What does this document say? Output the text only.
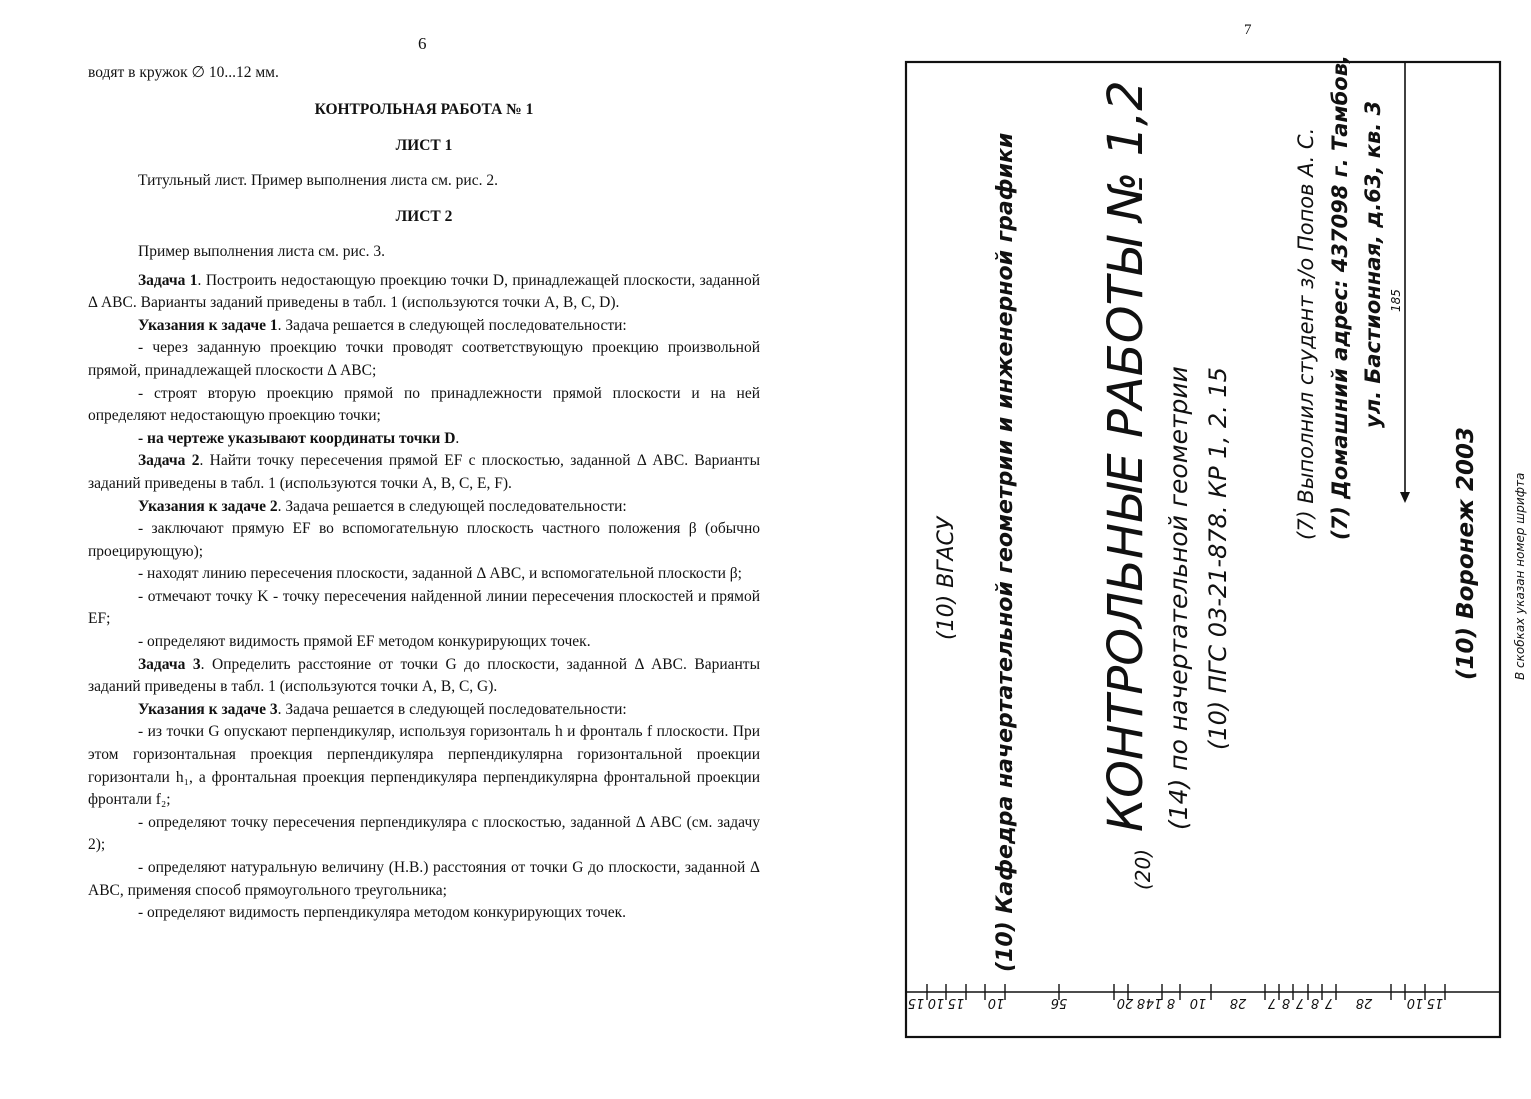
6
7

водят в кружок ∅ 10...12 мм.

КОНТРОЛЬНАЯ РАБОТА № 1

ЛИСТ 1

Титульный лист. Пример выполнения листа см. рис. 2.

ЛИСТ 2

Пример выполнения листа см. рис. 3.

Задача 1. Построить недостающую проекцию точки D, принадлежащей плоскости, заданной Δ ABC. Варианты заданий приведены в табл. 1 (используются точки A, B, C, D).

Указания к задаче 1. Задача решается в следующей последовательности:

- через заданную проекцию точки проводят соответствующую проекцию произвольной прямой, принадлежащей плоскости Δ ABC;

- строят вторую проекцию прямой по принадлежности прямой плоскости и на ней определяют недостающую проекцию точки;

- на чертеже указывают координаты точки D.

Задача 2. Найти точку пересечения прямой EF с плоскостью, заданной Δ ABC. Варианты заданий приведены в табл. 1 (используются точки A, B, C, E, F).

Указания к задаче 2. Задача решается в следующей последовательности:

- заключают прямую EF во вспомогательную плоскость частного положения β (обычно проецирующую);

- находят линию пересечения плоскости, заданной Δ ABC, и вспомогательной плоскости β;

- отмечают точку K - точку пересечения найденной линии пересечения плоскостей и прямой EF;

- определяют видимость прямой EF методом конкурирующих точек.

Задача 3. Определить расстояние от точки G до плоскости, заданной Δ ABC. Варианты заданий приведены в табл. 1 (используются точки A, B, C, G).

Указания к задаче 3. Задача решается в следующей последовательности:

- из точки G опускают перпендикуляр, используя горизонталь h и фронталь f плоскости. При этом горизонтальная проекция перпендикуляра перпендикулярна горизонтальной проекции горизонтали h₁, а фронтальная проекция перпендикуляра перпендикулярна фронтальной проекции фронтали f₂;

- определяют точку пересечения перпендикуляра с плоскостью, заданной Δ ABC (см. задачу 2);

- определяют натуральную величину (Н.В.) расстояния от точки G до плоскости, заданной Δ ABC, применяя способ прямоугольного треугольника;

- определяют видимость перпендикуляра методом конкурирующих точек.

15 10 15 10	56	20 8 14 8 10 28 7 8 7 8 7 28	10 15
(10) ВГАСУ (10) Кафедра начертательной геометрии и инженерной графики	(20)
КОНТРОЛЬНЫЕ РАБОТЫ № 1,2 (14) по начертательной геометрии (10) ПГС 03-21-878. КР 1, 2. 15
(7) Выполнил студент з/о Попов А. С. (7) Домашний адрес: 437098 г. Тамбов, ул. Бастионная, д.63, кв. 3 185
(10) Воронеж 2003	В скобках указан номер шрифта
